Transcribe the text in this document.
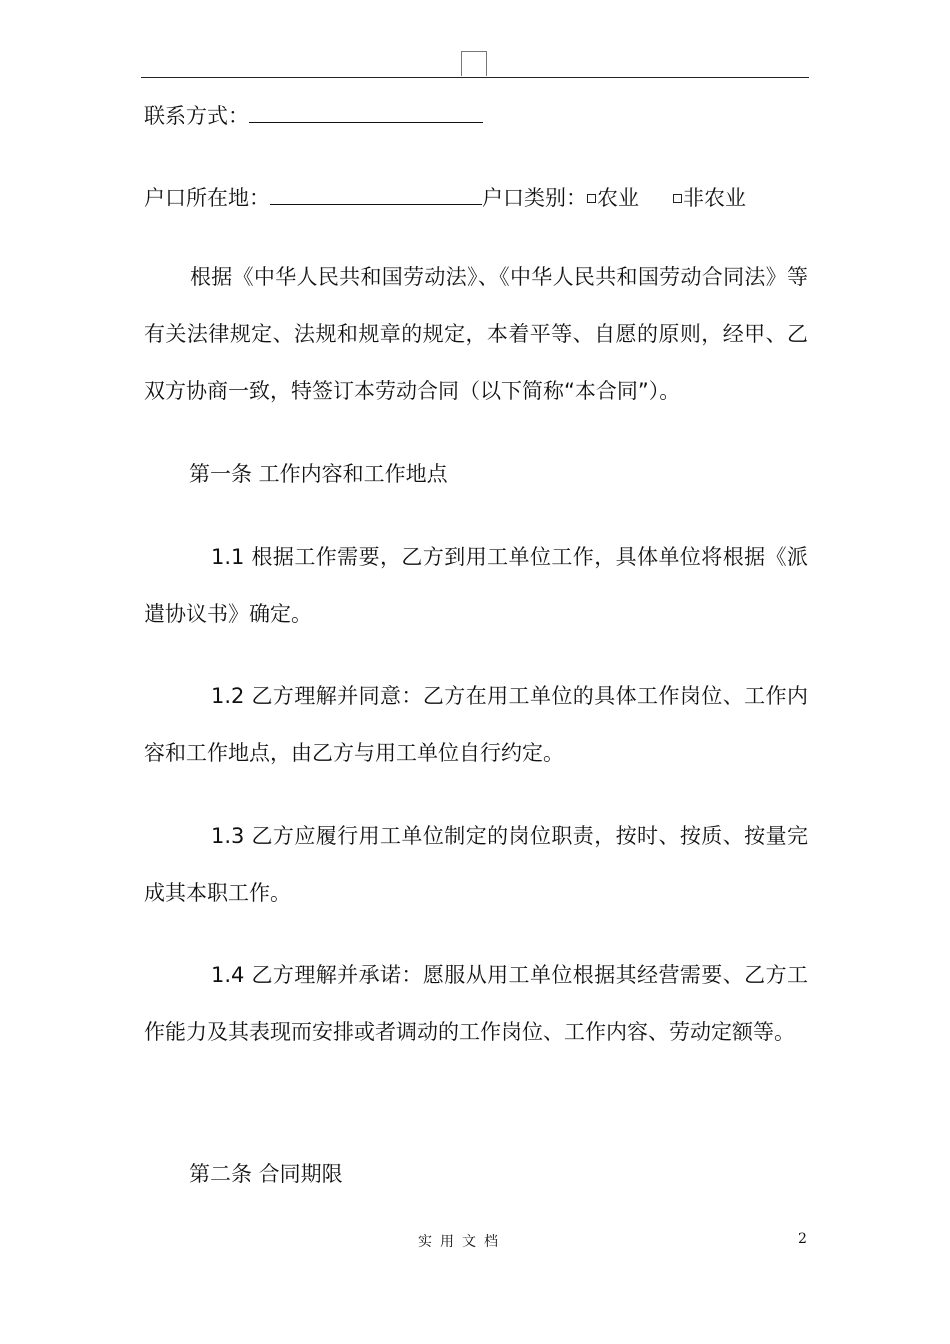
联系方式：
户口所在地：	户口类别： 农业 非农业
根据《中华人民共和国劳动法》、《中华人民共和国劳动合同法》等有关法律规定、法规和规章的规定，本着平等、自愿的原则，经甲、乙双方协商一致，特签订本劳动合同（以下简称“本合同”）。
第一条 工作内容和工作地点
1.1 根据工作需要，乙方到用工单位工作，具体单位将根据《派遣协议书》确定。
1.2 乙方理解并同意：乙方在用工单位的具体工作岗位、工作内容和工作地点，由乙方与用工单位自行约定。
1.3 乙方应履行用工单位制定的岗位职责，按时、按质、按量完成其本职工作。
1.4 乙方理解并承诺：愿服从用工单位根据其经营需要、乙方工作能力及其表现而安排或者调动的工作岗位、工作内容、劳动定额等。
第二条 合同期限
实用文档	2
